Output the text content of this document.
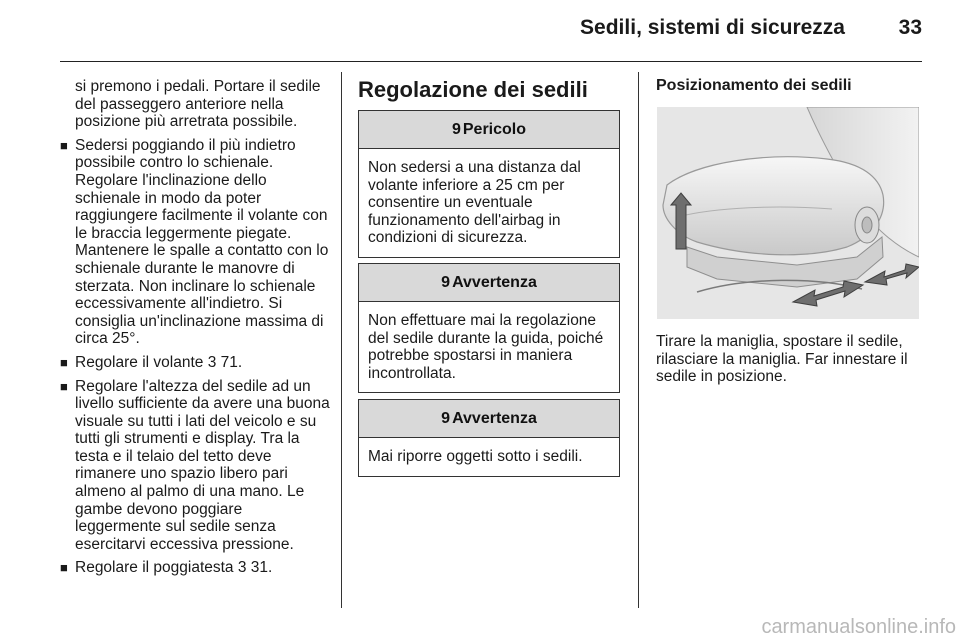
Sedili, sistemi di sicurezza	33
si premono i pedali. Portare il sedile del passeggero anteriore nella posizione più arretrata possibile.
■ Sedersi poggiando il più indietro possibile contro lo schienale. Regolare l'inclinazione dello schienale in modo da poter raggiungere facilmente il volante con le braccia leggermente piegate. Mantenere le spalle a contatto con lo schienale durante le manovre di sterzata. Non inclinare lo schienale eccessivamente all'indietro. Si consiglia un'inclinazione massima di circa 25°.
■ Regolare il volante 3 71.
■ Regolare l'altezza del sedile ad un livello sufficiente da avere una buona visuale su tutti i lati del veicolo e su tutti gli strumenti e display. Tra la testa e il telaio del tetto deve rimanere uno spazio libero pari almeno al palmo di una mano. Le gambe devono poggiare leggermente sul sedile senza esercitarvi eccessiva pressione.
■ Regolare il poggiatesta 3 31.
Regolazione dei sedili
9 Pericolo
Non sedersi a una distanza dal volante inferiore a 25 cm per consentire un eventuale funzionamento dell'airbag in condizioni di sicurezza.
9 Avvertenza
Non effettuare mai la regolazione del sedile durante la guida, poiché potrebbe spostarsi in maniera incontrollata.
9 Avvertenza
Mai riporre oggetti sotto i sedili.
Posizionamento dei sedili
Tirare la maniglia, spostare il sedile, rilasciare la maniglia. Far innestare il sedile in posizione.
carmanualsonline.info
